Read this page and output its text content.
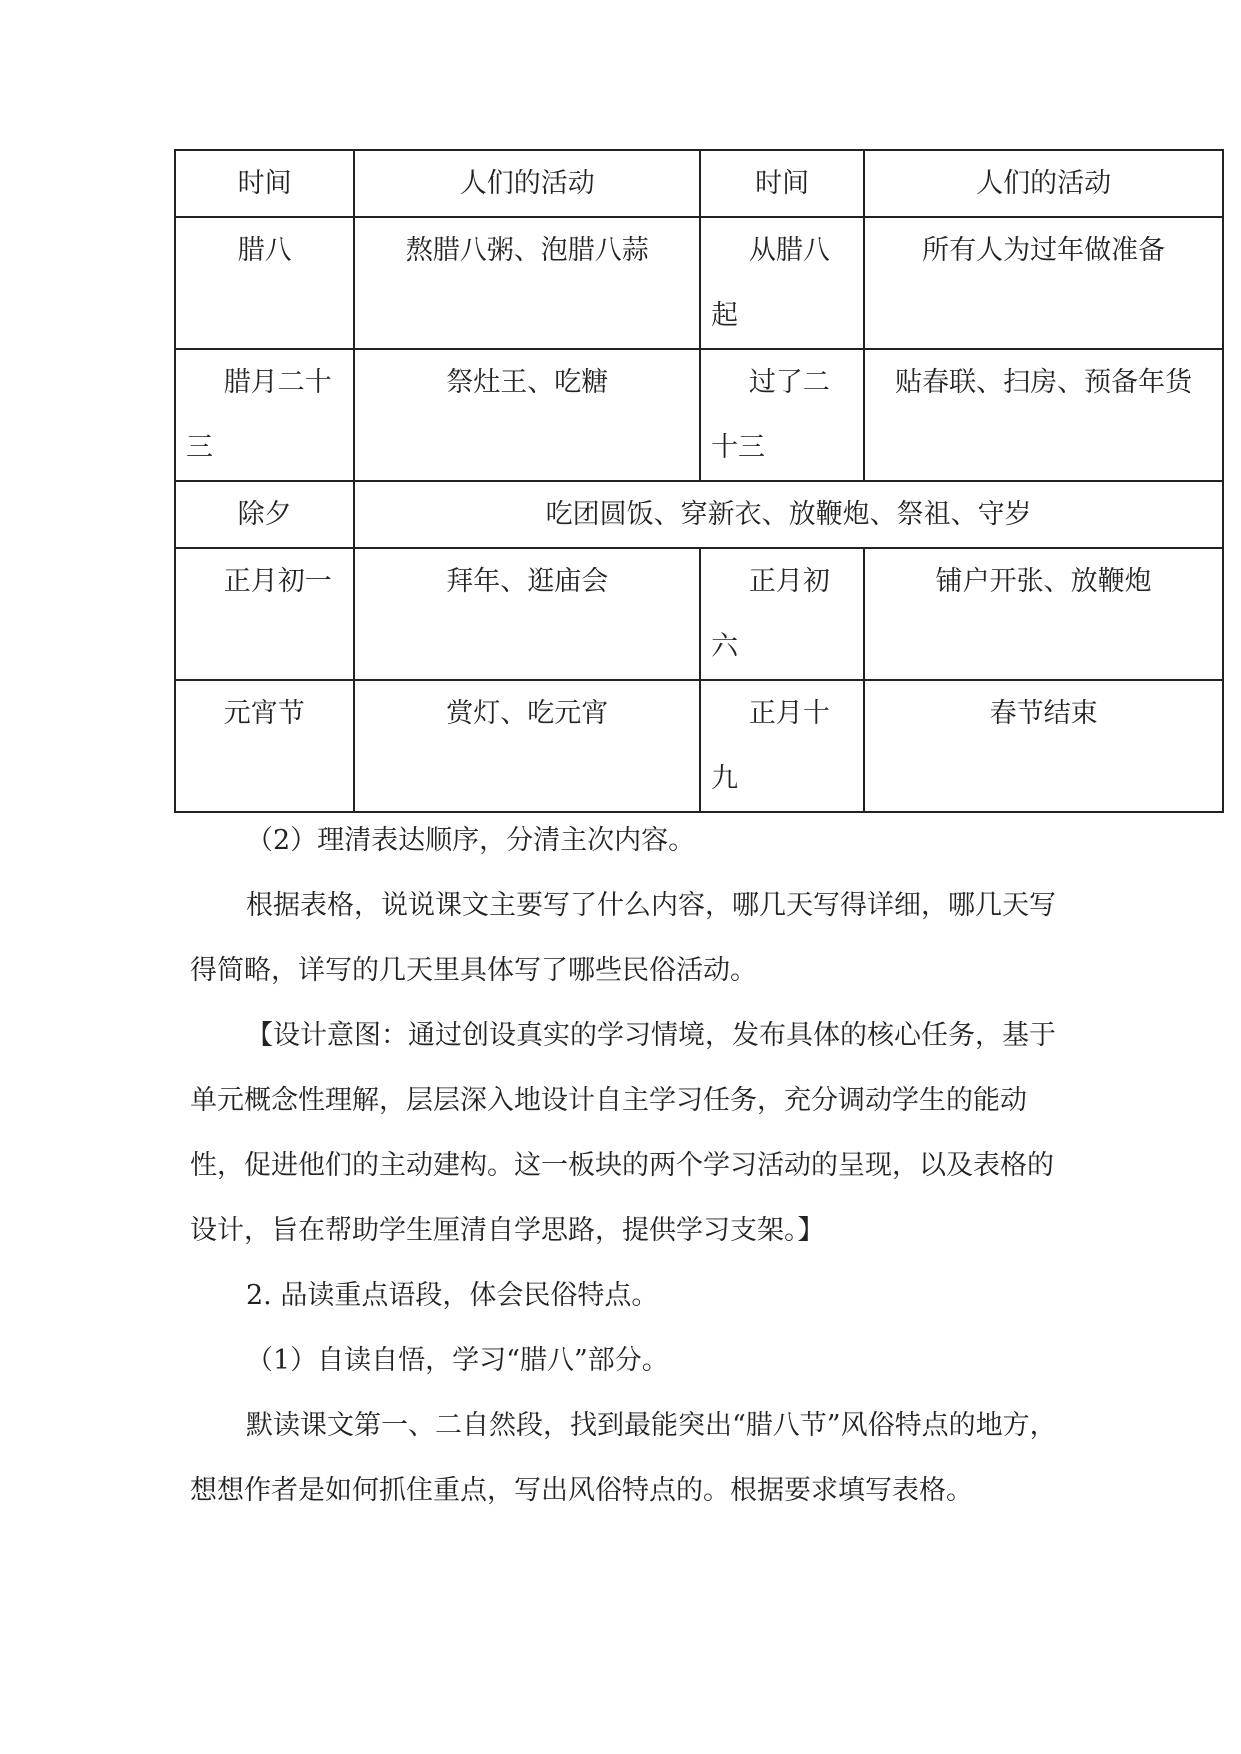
时间	人们的活动	时间	人们的活动
腊八	熬腊八粥、泡腊八蒜	从腊八起	所有人为过年做准备
腊月二十三	祭灶王、吃糖	过了二十三	贴春联、扫房、预备年货
除夕	吃团圆饭、穿新衣、放鞭炮、祭祖、守岁		
正月初一	拜年、逛庙会	正月初六	铺户开张、放鞭炮
元宵节	赏灯、吃元宵	正月十九	春节结束

（2）理清表达顺序，分清主次内容。

根据表格，说说课文主要写了什么内容，哪几天写得详细，哪几天写得简略，详写的几天里具体写了哪些民俗活动。

【设计意图：通过创设真实的学习情境，发布具体的核心任务，基于单元概念性理解，层层深入地设计自主学习任务，充分调动学生的能动性，促进他们的主动建构。这一板块的两个学习活动的呈现，以及表格的设计，旨在帮助学生厘清自学思路，提供学习支架。】

2. 品读重点语段，体会民俗特点。

（1）自读自悟，学习“腊八”部分。

默读课文第一、二自然段，找到最能突出“腊八节”风俗特点的地方，想想作者是如何抓住重点，写出风俗特点的。根据要求填写表格。
